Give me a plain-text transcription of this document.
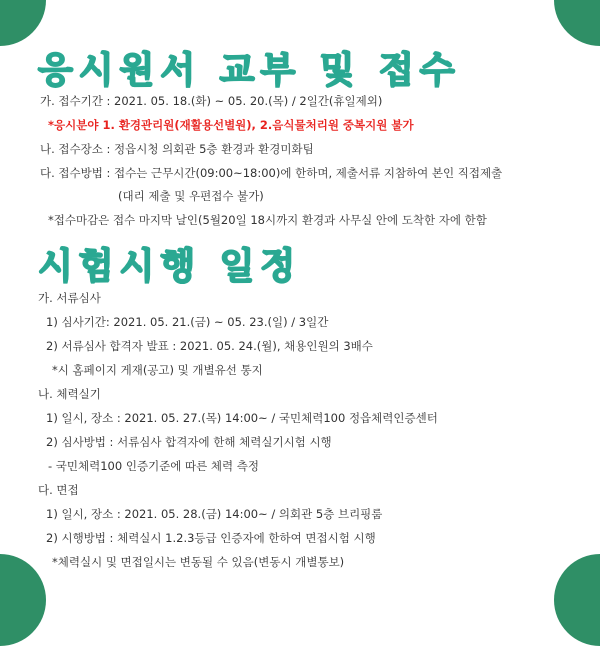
응시원서 교부 및 접수
가. 접수기간 : 2021. 05. 18.(화) ~ 05. 20.(목) / 2일간(휴일제외)
*응시분야 1. 환경관리원(재활용선별원), 2.음식물처리원 중복지원 불가
나. 접수장소 : 정읍시청 의회관 5층 환경과 환경미화팀
다. 접수방법 : 접수는 근무시간(09:00~18:00)에 한하며, 제출서류 지참하여 본인 직접제출
(대리 제출 및 우편접수 불가)
*접수마감은 접수 마지막 날인(5월20일 18시까지 환경과 사무실 안에 도착한 자에 한함
시험시행 일정
가. 서류심사
1) 심사기간: 2021. 05. 21.(금) ~ 05. 23.(일) / 3일간
2) 서류심사 합격자 발표 : 2021. 05. 24.(월), 채용인원의 3배수
*시 홈페이지 게재(공고) 및 개별유선 통지
나. 체력실기
1) 일시, 장소 : 2021. 05. 27.(목) 14:00~ / 국민체력100 정읍체력인증센터
2) 심사방법 : 서류심사 합격자에 한해 체력실기시험 시행
- 국민체력100 인증기준에 따른 체력 측정
다. 면접
1) 일시, 장소 : 2021. 05. 28.(금) 14:00~ / 의회관 5층 브리핑룸
2) 시행방법 : 체력실시 1.2.3등급 인증자에 한하여 면접시험 시행
*체력실시 및 면접일시는 변동될 수 있음(변동시 개별통보)
